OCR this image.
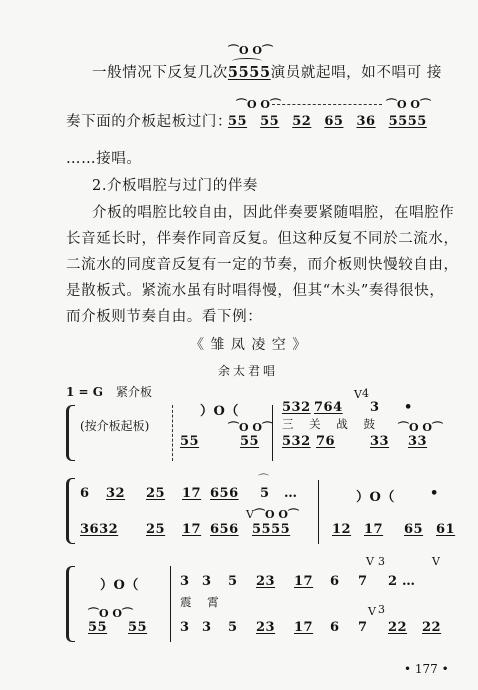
一般情况下反复几次5555演员就起唱，如不唱可 接
⌒O O⌒
奏下面的介板起板过门：
55 55 52 65 36 5555
⌒O O⌒	⌒O O⌒
……接唱。
2.介板唱腔与过门的伴奏
介板的唱腔比较自由，因此伴奏要紧随唱腔，在唱腔作
长音延长时，伴奏作同音反复。但这种反复不同於二流水，
二流水的同度音反复有一定的节奏，而介板则快慢较自由，
是散板式。紧流水虽有时唱得慢，但其“木头”奏得很快，
而介板则节奏自由。看下例：
《 雏 凤 凌 空 》
余太君唱
1 = G 紧介板
(按介板起板)
）O（	532 764 3 •
V 4
三 关 战 鼓
55	55 532 76	33 33
⌒O O⌒	⌒O O⌒
6 32 25 17 656 5 …	）O（	•
⌒
3632 25 17 656 5555	12 17 65 61
⌒O O⌒
V
）O（	3 3 5 23 17 6 7 2 …
V 3	V
震 霄
⌒O O⌒
55 55	3 3 5 23 17 6 7 22 22
V 3
• 177 •
